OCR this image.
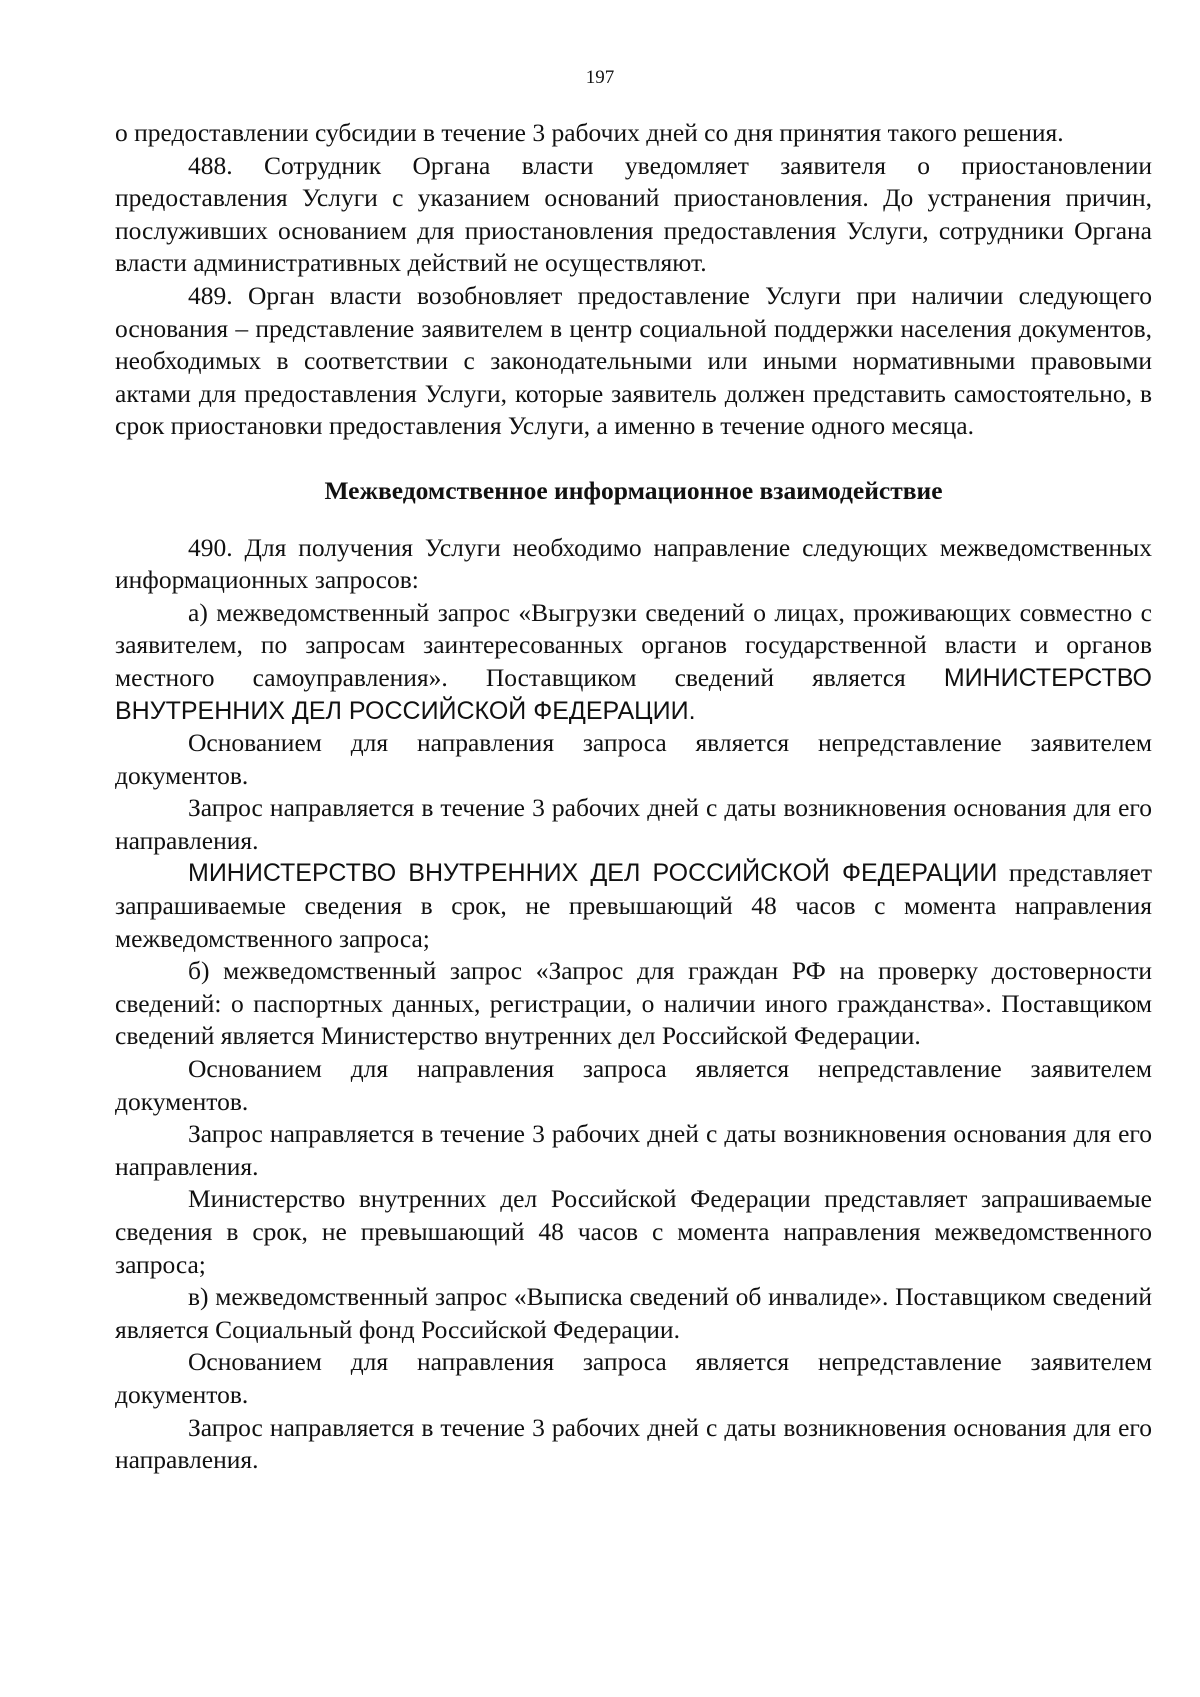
197

о предоставлении субсидии в течение 3 рабочих дней со дня принятия такого решения.

488. Сотрудник Органа власти уведомляет заявителя о приостановлении предоставления Услуги с указанием оснований приостановления. До устранения причин, послуживших основанием для приостановления предоставления Услуги, сотрудники Органа власти административных действий не осуществляют.

489. Орган власти возобновляет предоставление Услуги при наличии следующего основания – представление заявителем в центр социальной поддержки населения документов, необходимых в соответствии с законодательными или иными нормативными правовыми актами для предоставления Услуги, которые заявитель должен представить самостоятельно, в срок приостановки предоставления Услуги, а именно в течение одного месяца.

Межведомственное информационное взаимодействие

490. Для получения Услуги необходимо направление следующих межведомственных информационных запросов:

а) межведомственный запрос «Выгрузки сведений о лицах, проживающих совместно с заявителем, по запросам заинтересованных органов государственной власти и органов местного самоуправления». Поставщиком сведений является МИНИСТЕРСТВО ВНУТРЕННИХ ДЕЛ РОССИЙСКОЙ ФЕДЕРАЦИИ.

Основанием для направления запроса является непредставление заявителем документов.

Запрос направляется в течение 3 рабочих дней с даты возникновения основания для его направления.

МИНИСТЕРСТВО ВНУТРЕННИХ ДЕЛ РОССИЙСКОЙ ФЕДЕРАЦИИ представляет запрашиваемые сведения в срок, не превышающий 48 часов с момента направления межведомственного запроса;

б) межведомственный запрос «Запрос для граждан РФ на проверку достоверности сведений: о паспортных данных, регистрации, о наличии иного гражданства». Поставщиком сведений является Министерство внутренних дел Российской Федерации.

Основанием для направления запроса является непредставление заявителем документов.

Запрос направляется в течение 3 рабочих дней с даты возникновения основания для его направления.

Министерство внутренних дел Российской Федерации представляет запрашиваемые сведения в срок, не превышающий 48 часов с момента направления межведомственного запроса;

в) межведомственный запрос «Выписка сведений об инвалиде». Поставщиком сведений является Социальный фонд Российской Федерации.

Основанием для направления запроса является непредставление заявителем документов.

Запрос направляется в течение 3 рабочих дней с даты возникновения основания для его направления.
